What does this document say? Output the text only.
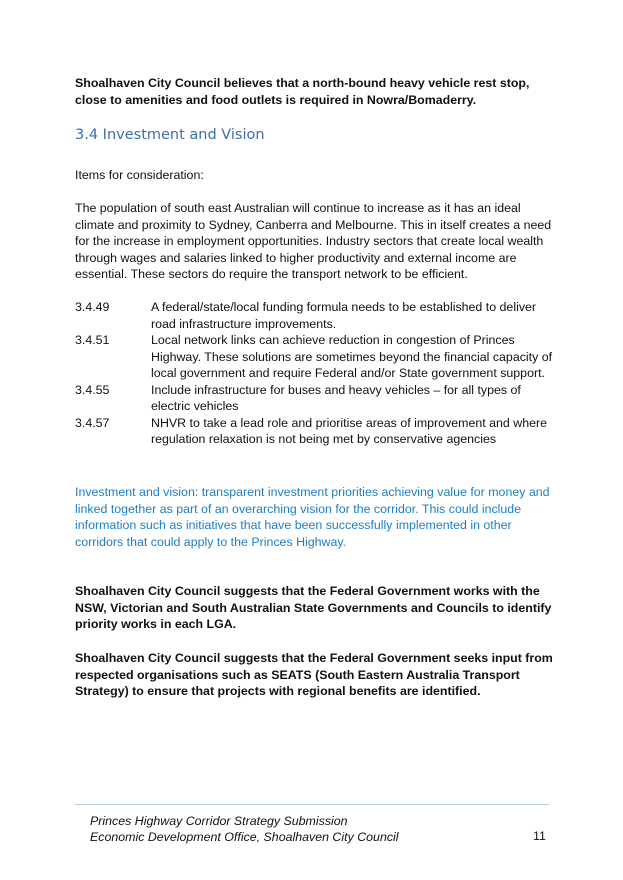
Shoalhaven City Council believes that a north-bound heavy vehicle rest stop, close to amenities and food outlets is required in Nowra/Bomaderry.

3.4 Investment and Vision

Items for consideration:

The population of south east Australian will continue to increase as it has an ideal climate and proximity to Sydney, Canberra and Melbourne. This in itself creates a need for the increase in employment opportunities. Industry sectors that create local wealth through wages and salaries linked to higher productivity and external income are essential. These sectors do require the transport network to be efficient.

3.4.49	A federal/state/local funding formula needs to be established to deliver road infrastructure improvements.
3.4.51	Local network links can achieve reduction in congestion of Princes Highway. These solutions are sometimes beyond the financial capacity of local government and require Federal and/or State government support.
3.4.55	Include infrastructure for buses and heavy vehicles – for all types of electric vehicles
3.4.57	NHVR to take a lead role and prioritise areas of improvement and where regulation relaxation is not being met by conservative agencies

Investment and vision: transparent investment priorities achieving value for money and linked together as part of an overarching vision for the corridor. This could include information such as initiatives that have been successfully implemented in other corridors that could apply to the Princes Highway.

Shoalhaven City Council suggests that the Federal Government works with the NSW, Victorian and South Australian State Governments and Councils to identify priority works in each LGA.

Shoalhaven City Council suggests that the Federal Government seeks input from respected organisations such as SEATS (South Eastern Australia Transport Strategy) to ensure that projects with regional benefits are identified.

Princes Highway Corridor Strategy Submission
Economic Development Office, Shoalhaven City Council	11
